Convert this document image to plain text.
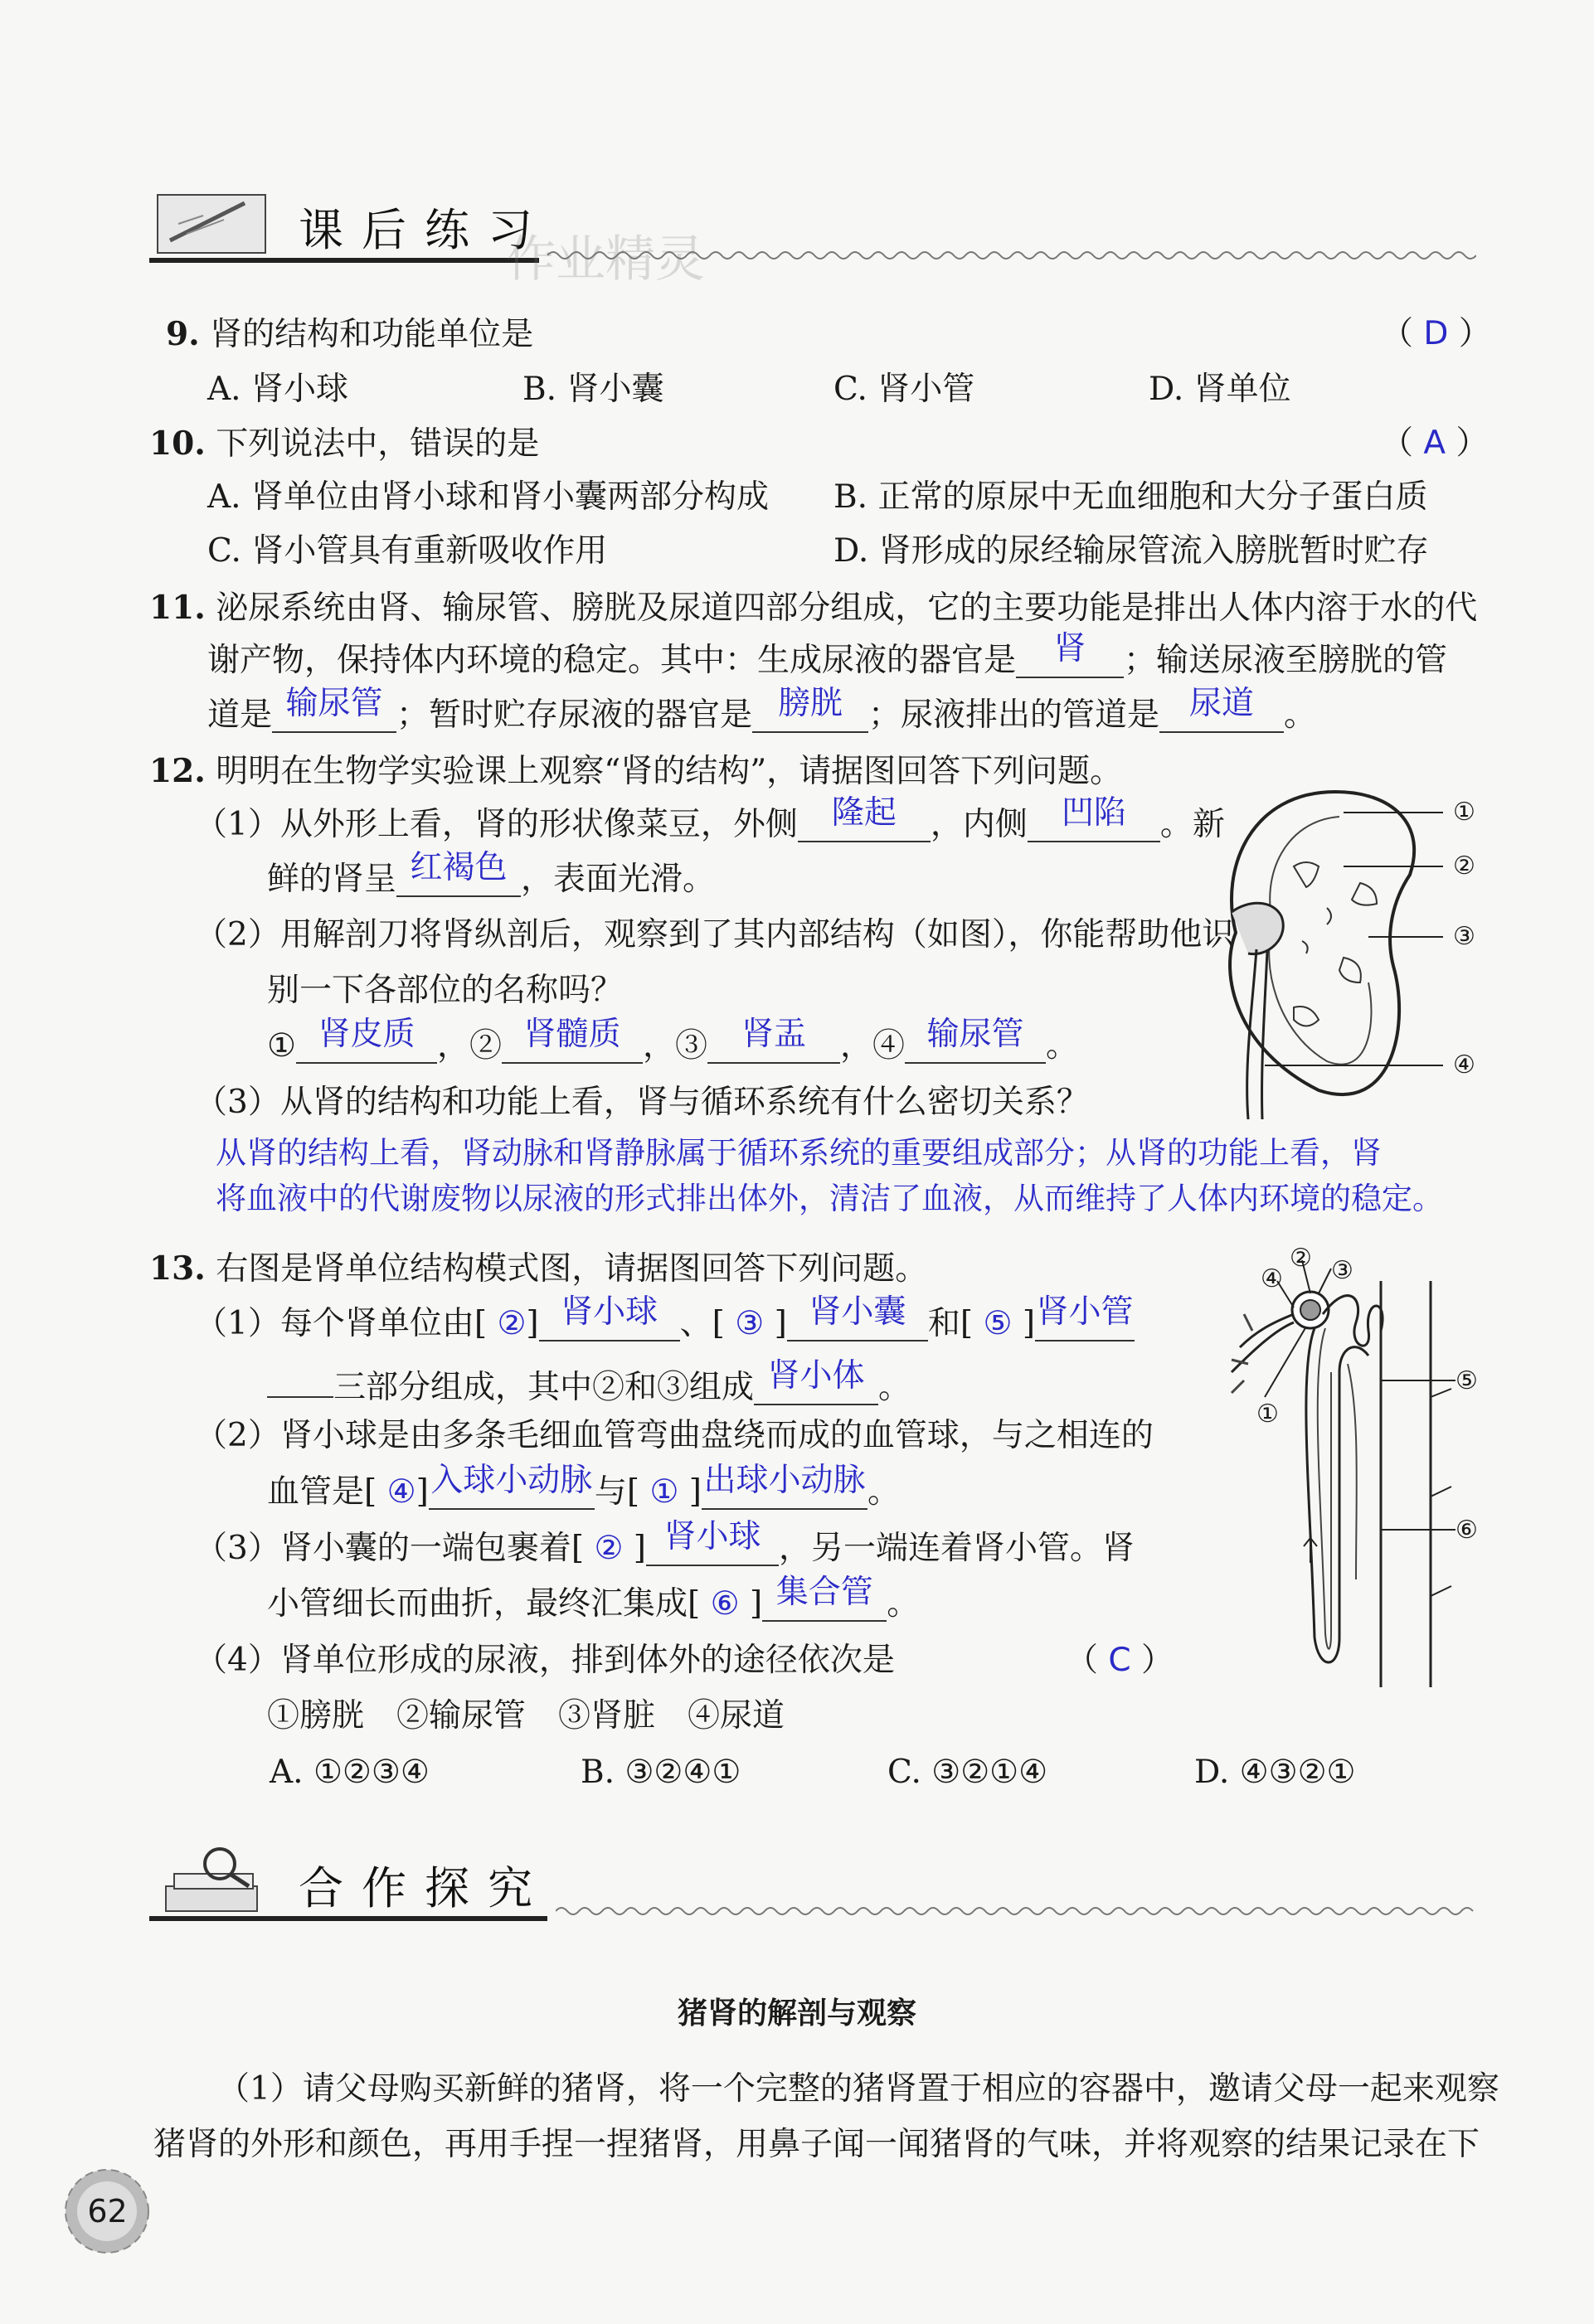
课后练习
作业精灵
9. 肾的结构和功能单位是	（ D ）
A. 肾小球	B. 肾小囊	C. 肾小管	D. 肾单位
10. 下列说法中，错误的是	（ A ）
A. 肾单位由肾小球和肾小囊两部分构成 B. 正常的原尿中无血细胞和大分子蛋白质
C. 肾小管具有重新吸收作用	D. 肾形成的尿经输尿管流入膀胱暂时贮存
11. 泌尿系统由肾、输尿管、膀胱及尿道四部分组成，它的主要功能是排出人体内溶于水的代
谢产物，保持体内环境的稳定。其中：生成尿液的器官是 肾 ；输送尿液至膀胱的管
道是 输尿管 ；暂时贮存尿液的器官是 膀胱 ；尿液排出的管道是 尿道 。
12. 明明在生物学实验课上观察“肾的结构”，请据图回答下列问题。
（1）从外形上看，肾的形状像菜豆，外侧 隆起 ，内侧 凹陷 。新
鲜的肾呈 红褐色 ，表面光滑。
（2）用解剖刀将肾纵剖后，观察到了其内部结构（如图），你能帮助他识
别一下各部位的名称吗？
① 肾皮质 ，② 肾髓质 ，③ 肾盂 ，④ 输尿管 。
（3）从肾的结构和功能上看，肾与循环系统有什么密切关系？
从肾的结构上看，肾动脉和肾静脉属于循环系统的重要组成部分；从肾的功能上看，肾
将血液中的代谢废物以尿液的形式排出体外，清洁了血液，从而维持了人体内环境的稳定。
①
②
③
④
13. 右图是肾单位结构模式图，请据图回答下列问题。
（1）每个肾单位由[ ②] 肾小球 、[ ③ ] 肾小囊 和[ ⑤ ]肾小管
三部分组成，其中②和③组成 肾小体 。
（2）肾小球是由多条毛细血管弯曲盘绕而成的血管球，与之相连的
血管是[ ④]入球小动脉与[ ① ]出球小动脉。
（3）肾小囊的一端包裹着[ ② ] 肾小球 ，另一端连着肾小管。肾
小管细长而曲折，最终汇集成[ ⑥ ] 集合管 。
（4）肾单位形成的尿液，排到体外的途径依次是	（ C ）
①膀胱　②输尿管　③肾脏　④尿道
A. ①②③④	B. ③②④①	C. ③②①④	D. ④③②①
② ③
④
⑤
①
⑥
合作探究
猪肾的解剖与观察
（1）请父母购买新鲜的猪肾，将一个完整的猪肾置于相应的容器中，邀请父母一起来观察
猪肾的外形和颜色，再用手捏一捏猪肾，用鼻子闻一闻猪肾的气味，并将观察的结果记录在下
62
